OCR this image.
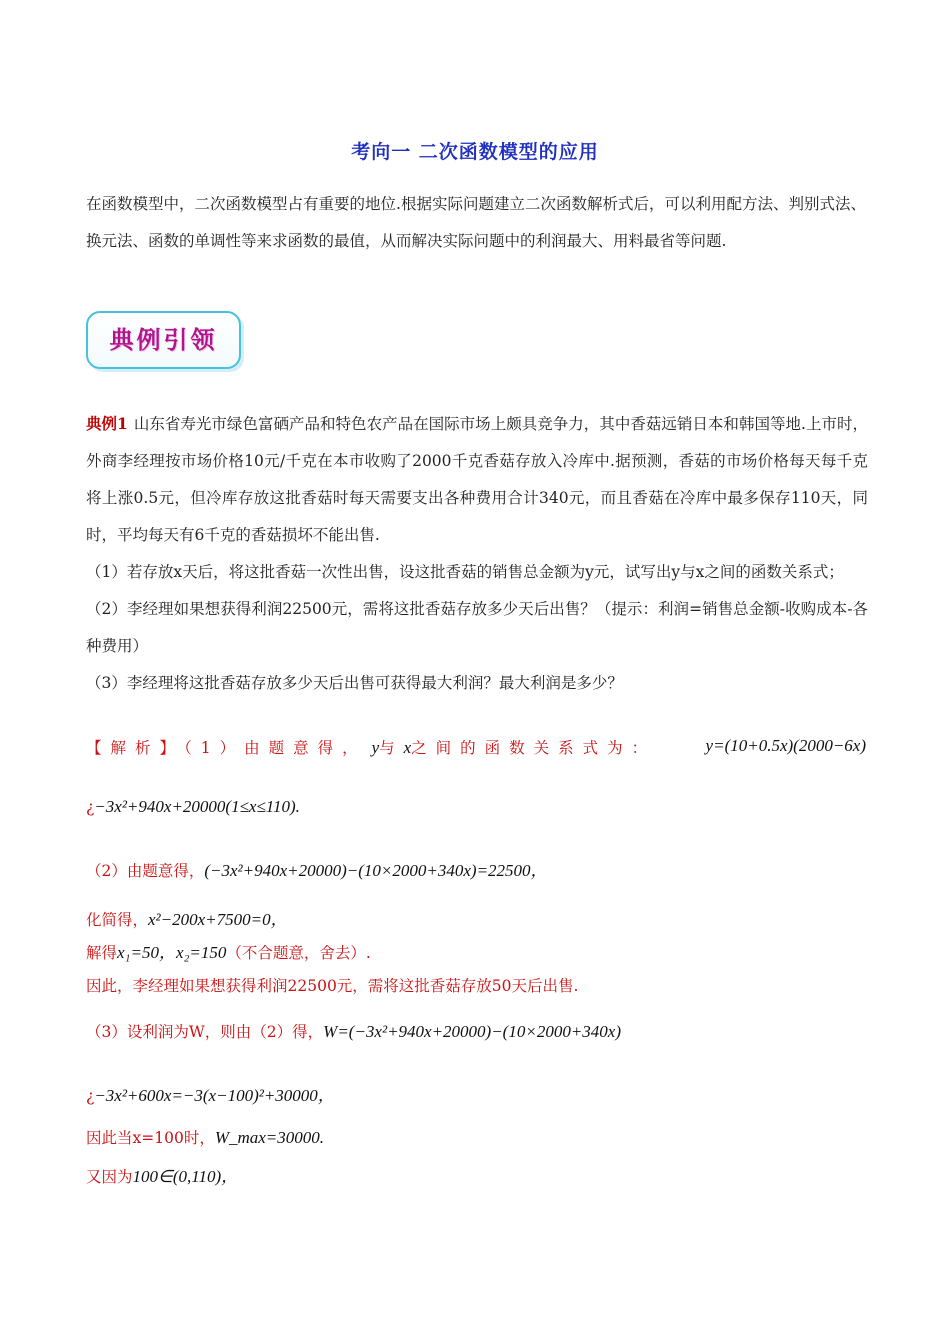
考向一 二次函数模型的应用
在函数模型中，二次函数模型占有重要的地位.根据实际问题建立二次函数解析式后，可以利用配方法、判别式法、换元法、函数的单调性等来求函数的最值，从而解决实际问题中的利润最大、用料最省等问题.
典例引领
典例1 山东省寿光市绿色富硒产品和特色农产品在国际市场上颇具竞争力，其中香菇远销日本和韩国等地.上市时，外商李经理按市场价格10元/千克在本市收购了2000千克香菇存放入冷库中.据预测，香菇的市场价格每天每千克将上涨0.5元，但冷库存放这批香菇时每天需要支出各种费用合计340元，而且香菇在冷库中最多保存110天，同时，平均每天有6千克的香菇损坏不能出售.
（1）若存放x天后，将这批香菇一次性出售，设这批香菇的销售总金额为y元，试写出y与x之间的函数关系式；
（2）李经理如果想获得利润22500元，需将这批香菇存放多少天后出售？（提示：利润=销售总金额-收购成本-各种费用）
（3）李经理将这批香菇存放多少天后出售可获得最大利润？最大利润是多少？
【解析】（1）由题意得， y与x之间的函数关系式为：	y=(10+0.5x)(2000−6x)
¿−3x²+940x+20000(1≤x≤110).
（2）由题意得，(−3x²+940x+20000)−(10×2000+340x)=22500，
化简得，x²−200x+7500=0，
解得x₁=50，x₂=150（不合题意，舍去）.
因此，李经理如果想获得利润22500元，需将这批香菇存放50天后出售.
（3）设利润为W，则由（2）得，W=(−3x²+940x+20000)−(10×2000+340x)
¿−3x²+600x=−3(x−100)²+30000，
因此当x=100时，W_max=30000.
又因为100∈(0,110)，
